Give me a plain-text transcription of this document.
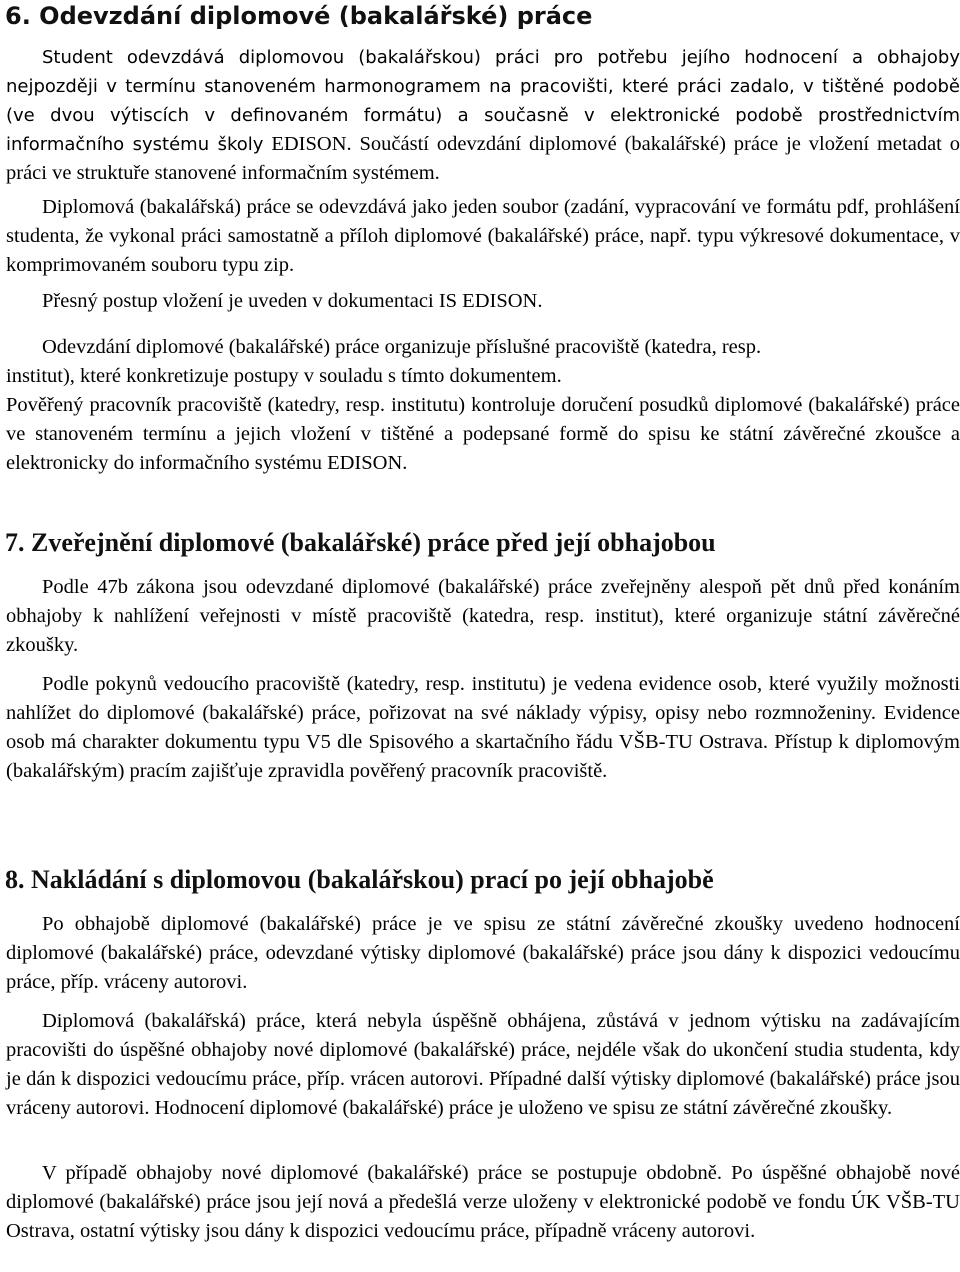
6. Odevzdání diplomové (bakalářské) práce

Student odevzdává diplomovou (bakalářskou) práci pro potřebu jejího hodnocení a obhajoby nejpozději v termínu stanoveném harmonogramem na pracovišti, které práci zadalo, v tištěné podobě (ve dvou výtiscích v definovaném formátu) a současně v elektronické podobě prostřednictvím informačního systému školy EDISON. Součástí odevzdání diplomové (bakalářské) práce je vložení metadat o práci ve struktuře stanovené informačním systémem.

Diplomová (bakalářská) práce se odevzdává jako jeden soubor (zadání, vypracování ve formátu pdf, prohlášení studenta, že vykonal práci samostatně a příloh diplomové (bakalářské) práce, např. typu výkresové dokumentace, v komprimovaném souboru typu zip.

Přesný postup vložení je uveden v dokumentaci IS EDISON.

Odevzdání diplomové (bakalářské) práce organizuje příslušné pracoviště (katedra, resp.

institut), které konkretizuje postupy v souladu s tímto dokumentem.

Pověřený pracovník pracoviště (katedry, resp. institutu) kontroluje doručení posudků diplomové (bakalářské) práce ve stanoveném termínu a jejich vložení v tištěné a podepsané formě do spisu ke státní závěrečné zkoušce a elektronicky do informačního systému EDISON.

7. Zveřejnění diplomové (bakalářské) práce před její obhajobou

Podle 47b zákona jsou odevzdané diplomové (bakalářské) práce zveřejněny alespoň pět dnů před konáním obhajoby k nahlížení veřejnosti v místě pracoviště (katedra, resp. institut), které organizuje státní závěrečné zkoušky.

Podle pokynů vedoucího pracoviště (katedry, resp. institutu) je vedena evidence osob, které využily možnosti nahlížet do diplomové (bakalářské) práce, pořizovat na své náklady výpisy, opisy nebo rozmnoženiny. Evidence osob má charakter dokumentu typu V5 dle Spisového a skartačního řádu VŠB-TU Ostrava. Přístup k diplomovým (bakalářským) pracím zajišťuje zpravidla pověřený pracovník pracoviště.

8. Nakládání s diplomovou (bakalářskou) prací po její obhajobě

Po obhajobě diplomové (bakalářské) práce je ve spisu ze státní závěrečné zkoušky uvedeno hodnocení diplomové (bakalářské) práce, odevzdané výtisky diplomové (bakalářské) práce jsou dány k dispozici vedoucímu práce, příp. vráceny autorovi.

Diplomová (bakalářská) práce, která nebyla úspěšně obhájena, zůstává v jednom výtisku na zadávajícím pracovišti do úspěšné obhajoby nové diplomové (bakalářské) práce, nejdéle však do ukončení studia studenta, kdy je dán k dispozici vedoucímu práce, příp. vrácen autorovi. Případné další výtisky diplomové (bakalářské) práce jsou vráceny autorovi. Hodnocení diplomové (bakalářské) práce je uloženo ve spisu ze státní závěrečné zkoušky.

V případě obhajoby nové diplomové (bakalářské) práce se postupuje obdobně. Po úspěšné obhajobě nové diplomové (bakalářské) práce jsou její nová a předešlá verze uloženy v elektronické podobě ve fondu ÚK VŠB-TU Ostrava, ostatní výtisky jsou dány k dispozici vedoucímu práce, případně vráceny autorovi.
